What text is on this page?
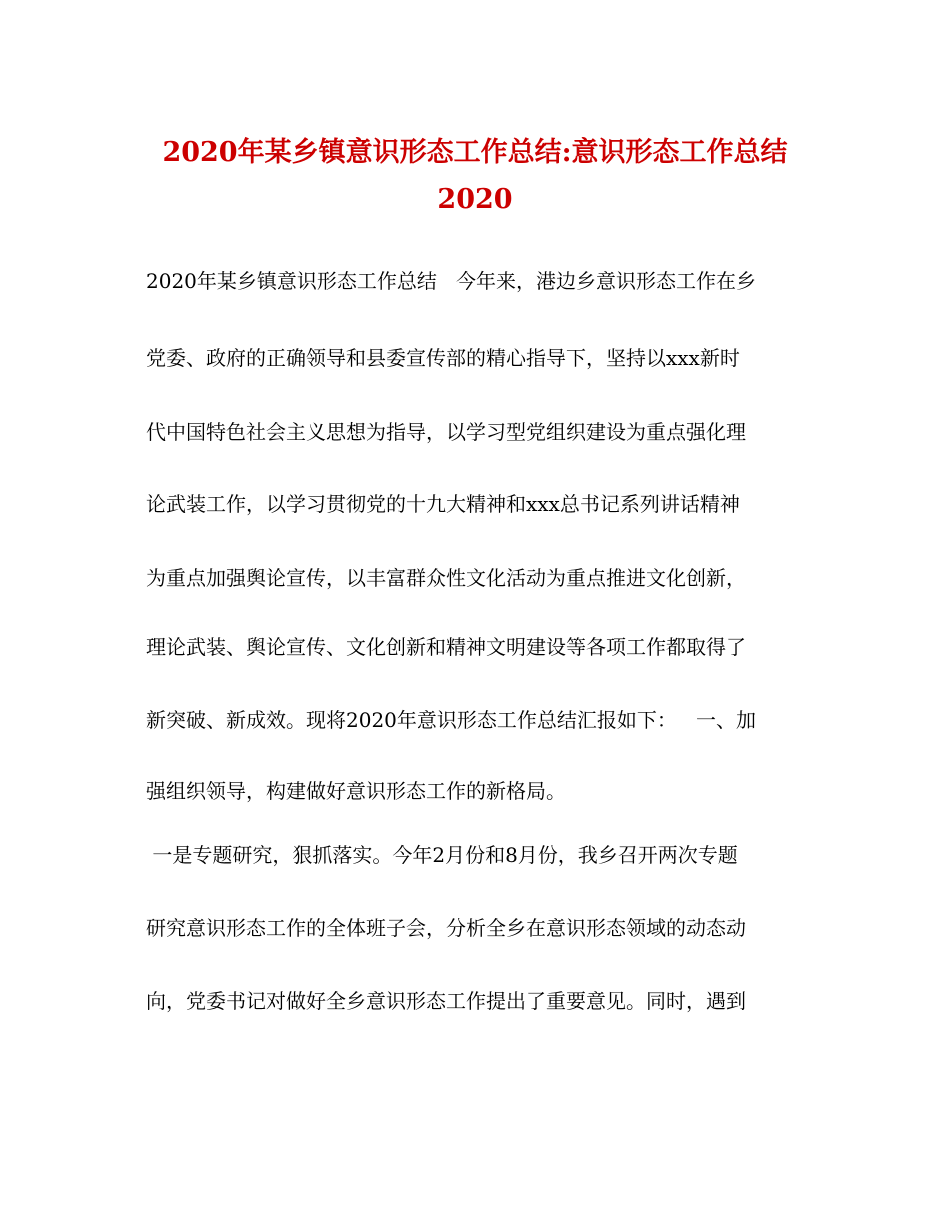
2020年某乡镇意识形态工作总结:意识形态工作总结
2020
2020年某乡镇意识形态工作总结   今年来，港边乡意识形态工作在乡
党委、政府的正确领导和县委宣传部的精心指导下，坚持以xxx新时
代中国特色社会主义思想为指导，以学习型党组织建设为重点强化理
论武装工作，以学习贯彻党的十九大精神和xxx总书记系列讲话精神
为重点加强舆论宣传，以丰富群众性文化活动为重点推进文化创新，
理论武装、舆论宣传、文化创新和精神文明建设等各项工作都取得了
新突破、新成效。现将2020年意识形态工作总结汇报如下：   一、加
强组织领导，构建做好意识形态工作的新格局。
一是专题研究，狠抓落实。今年2月份和8月份，我乡召开两次专题
研究意识形态工作的全体班子会，分析全乡在意识形态领域的动态动
向，党委书记对做好全乡意识形态工作提出了重要意见。同时，遇到
